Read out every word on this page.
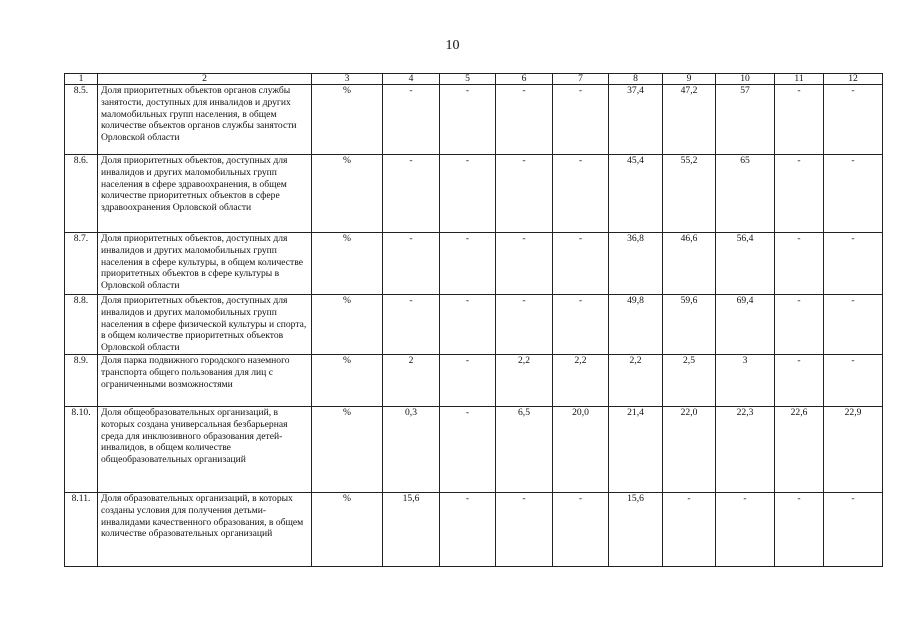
10
1	2	3	4	5	6	7	8	9	10	11	12
8.5.	Доля приоритетных объектов органов службы занятости, доступных для инвалидов и других маломобильных групп населения, в общем количестве объектов органов службы занятости Орловской области	%	-	-	-	-	37,4	47,2	57	-	-
8.6.	Доля приоритетных объектов, доступных для инвалидов и других маломобильных групп населения в сфере здравоохранения, в общем количестве приоритетных объектов в сфере здравоохранения Орловской области	%	-	-	-	-	45,4	55,2	65	-	-
8.7.	Доля приоритетных объектов, доступных для инвалидов и других маломобильных групп населения в сфере культуры, в общем количестве приоритетных объектов в сфере культуры в Орловской области	%	-	-	-	-	36,8	46,6	56,4	-	-
8.8.	Доля приоритетных объектов, доступных для инвалидов и других маломобильных групп населения в сфере физической культуры и спорта, в общем количестве приоритетных объектов Орловской области	%	-	-	-	-	49,8	59,6	69,4	-	-
8.9.	Доля парка подвижного городского наземного транспорта общего пользования для лиц с ограниченными возможностями	%	2	-	2,2	2,2	2,2	2,5	3	-	-
8.10.	Доля общеобразовательных организаций, в которых создана универсальная безбарьерная среда для инклюзивного образования детей-инвалидов, в общем количестве общеобразовательных организаций	%	0,3	-	6,5	20,0	21,4	22,0	22,3	22,6	22,9
8.11.	Доля образовательных организаций, в которых созданы условия для получения детьми-инвалидами качественного образования, в общем количестве образовательных организаций	%	15,6	-	-	-	15,6	-	-	-	-
